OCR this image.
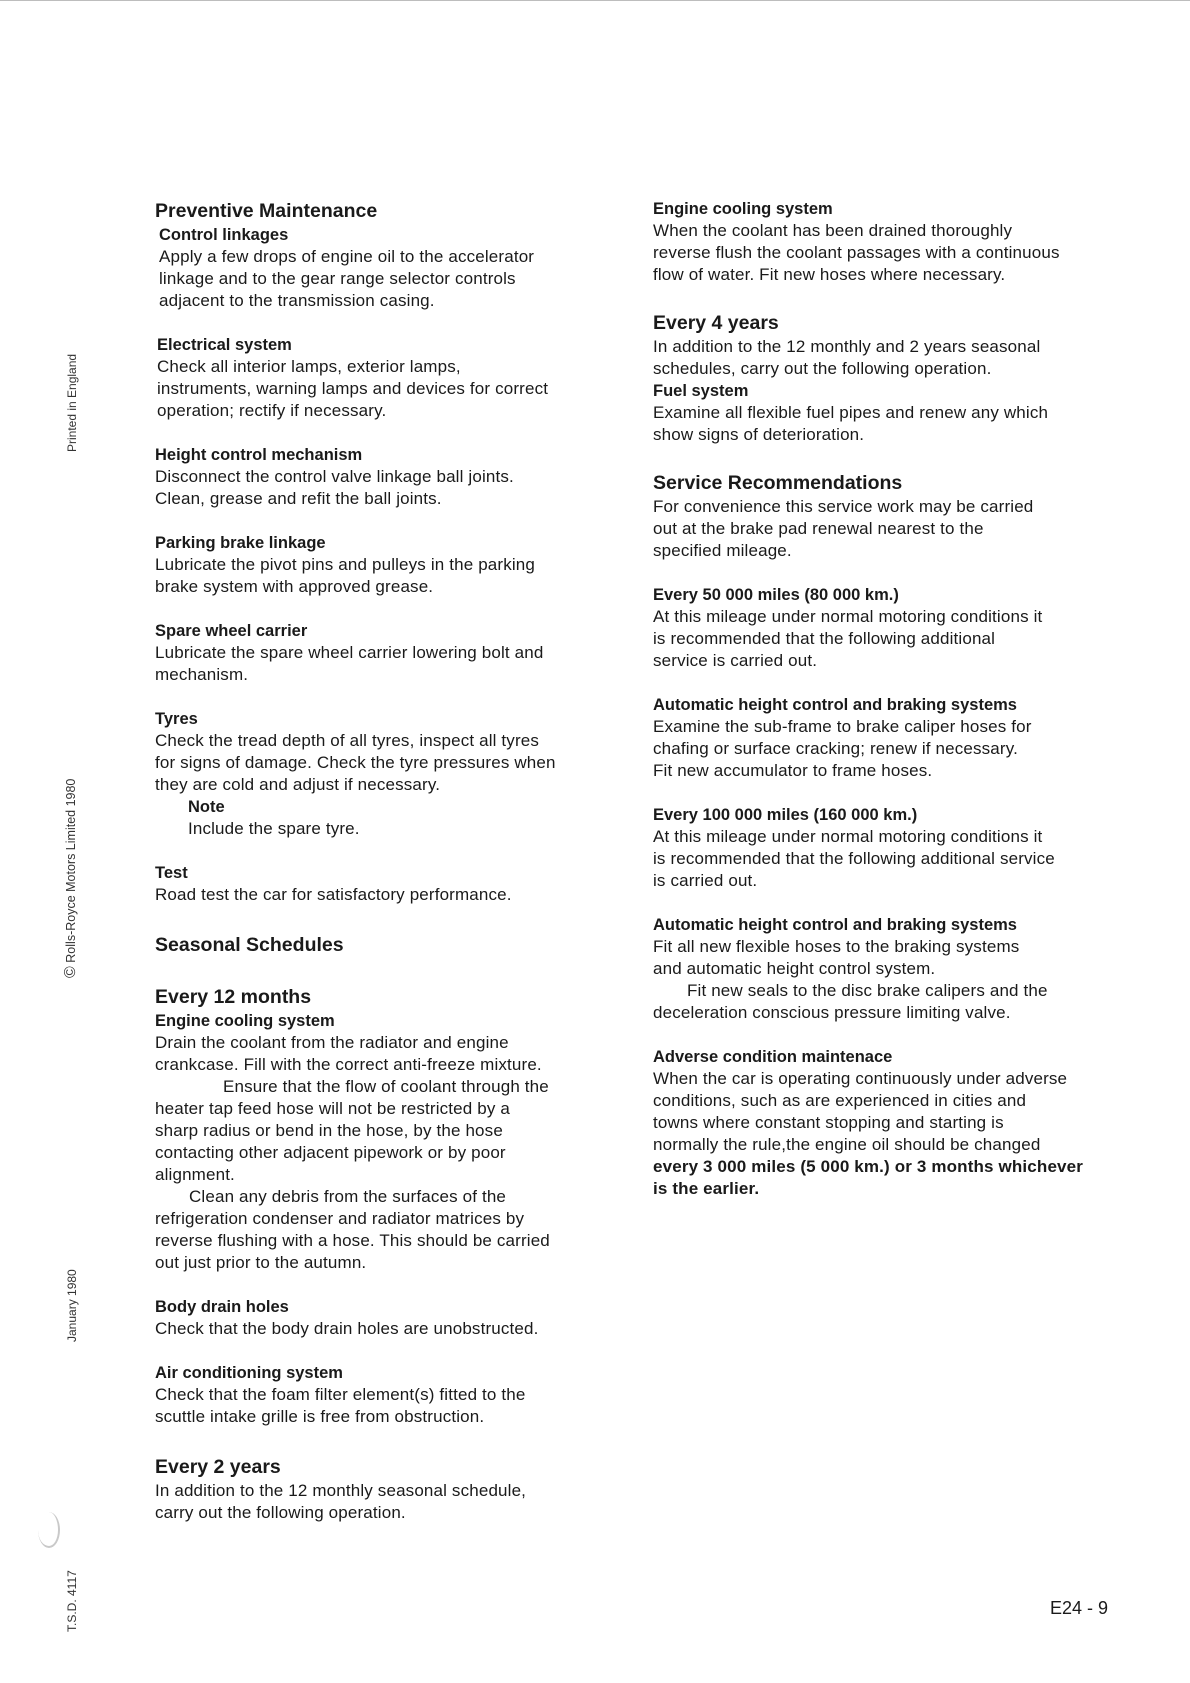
Printed in England
© Rolls-Royce Motors Limited 1980
January 1980
T.S.D. 4117
Preventive Maintenance
Control linkages

Apply a few drops of engine oil to the accelerator
linkage and to the gear range selector controls
adjacent to the transmission casing.

Electrical system

Check all interior lamps, exterior lamps,
instruments, warning lamps and devices for correct
operation; rectify if necessary.

Height control mechanism

Disconnect the control valve linkage ball joints.
Clean, grease and refit the ball joints.

Parking brake linkage

Lubricate the pivot pins and pulleys in the parking
brake system with approved grease.

Spare wheel carrier

Lubricate the spare wheel carrier lowering bolt and
mechanism.

Tyres

Check the tread depth of all tyres, inspect all tyres
for signs of damage. Check the tyre pressures when
they are cold and adjust if necessary.

Note

Include the spare tyre.

Test

Road test the car for satisfactory performance.

Seasonal Schedules
Every 12 months
Engine cooling system

Drain the coolant from the radiator and engine
crankcase. Fill with the correct anti-freeze mixture.

Ensure that the flow of coolant through the
heater tap feed hose will not be restricted by a
sharp radius or bend in the hose, by the hose
contacting other adjacent pipework or by poor
alignment.

Clean any debris from the surfaces of the
refrigeration condenser and radiator matrices by
reverse flushing with a hose. This should be carried
out just prior to the autumn.

Body drain holes

Check that the body drain holes are unobstructed.

Air conditioning system

Check that the foam filter element(s) fitted to the
scuttle intake grille is free from obstruction.

Every 2 years

In addition to the 12 monthly seasonal schedule,
carry out the following operation.

Engine cooling system

When the coolant has been drained thoroughly
reverse flush the coolant passages with a continuous
flow of water. Fit new hoses where necessary.

Every 4 years

In addition to the 12 monthly and 2 years seasonal
schedules, carry out the following operation.

Fuel system

Examine all flexible fuel pipes and renew any which
show signs of deterioration.

Service Recommendations

For convenience this service work may be carried
out at the brake pad renewal nearest to the
specified mileage.

Every 50 000 miles (80 000 km.)

At this mileage under normal motoring conditions it
is recommended that the following additional
service is carried out.

Automatic height control and braking systems

Examine the sub-frame to brake caliper hoses for
chafing or surface cracking; renew if necessary.
Fit new accumulator to frame hoses.

Every 100 000 miles (160 000 km.)

At this mileage under normal motoring conditions it
is recommended that the following additional service
is carried out.

Automatic height control and braking systems

Fit all new flexible hoses to the braking systems
and automatic height control system.

Fit new seals to the disc brake calipers and the
deceleration conscious pressure limiting valve.

Adverse condition maintenace

When the car is operating continuously under adverse
conditions, such as are experienced in cities and
towns where constant stopping and starting is
normally the rule,the engine oil should be changed
every 3 000 miles (5 000 km.) or 3 months whichever
is the earlier.

E24 - 9
